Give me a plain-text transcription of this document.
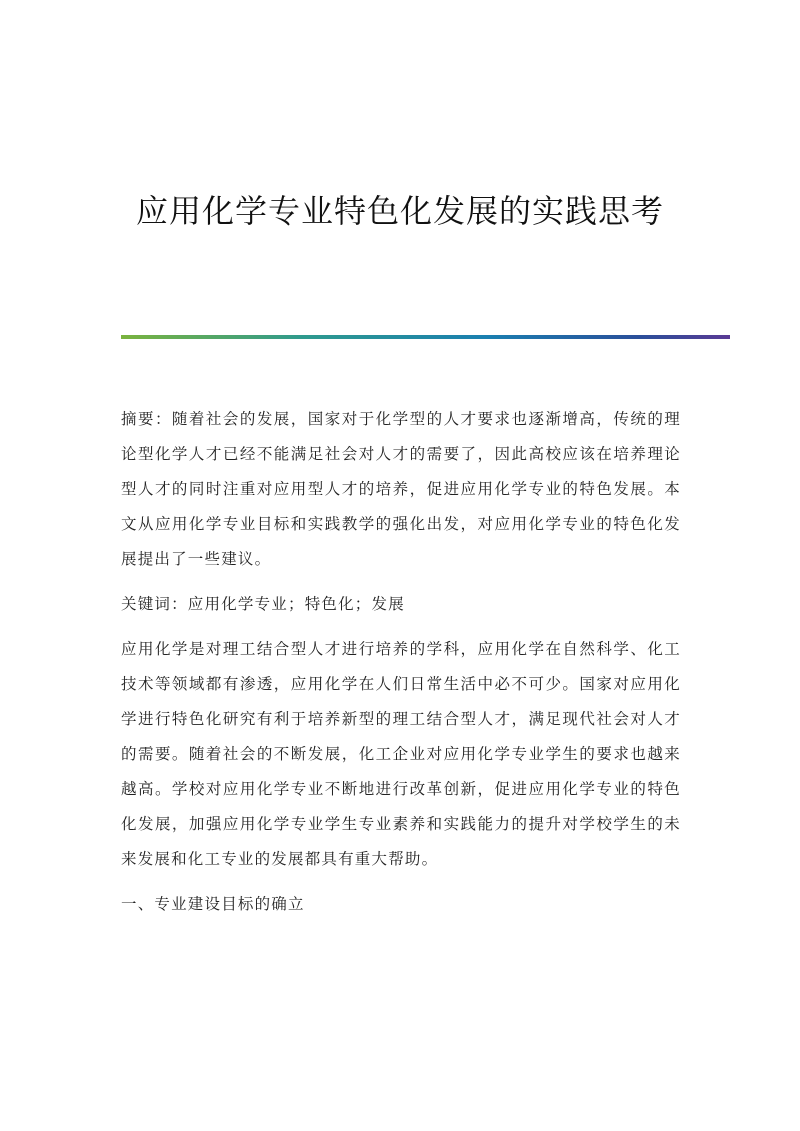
应用化学专业特色化发展的实践思考

摘要：随着社会的发展，国家对于化学型的人才要求也逐渐增高，传统的理论型化学人才已经不能满足社会对人才的需要了，因此高校应该在培养理论型人才的同时注重对应用型人才的培养，促进应用化学专业的特色发展。本文从应用化学专业目标和实践教学的强化出发，对应用化学专业的特色化发展提出了一些建议。

关键词：应用化学专业；特色化；发展

应用化学是对理工结合型人才进行培养的学科，应用化学在自然科学、化工技术等领域都有渗透，应用化学在人们日常生活中必不可少。国家对应用化学进行特色化研究有利于培养新型的理工结合型人才，满足现代社会对人才的需要。随着社会的不断发展，化工企业对应用化学专业学生的要求也越来越高。学校对应用化学专业不断地进行改革创新，促进应用化学专业的特色化发展，加强应用化学专业学生专业素养和实践能力的提升对学校学生的未来发展和化工专业的发展都具有重大帮助。

一、专业建设目标的确立
